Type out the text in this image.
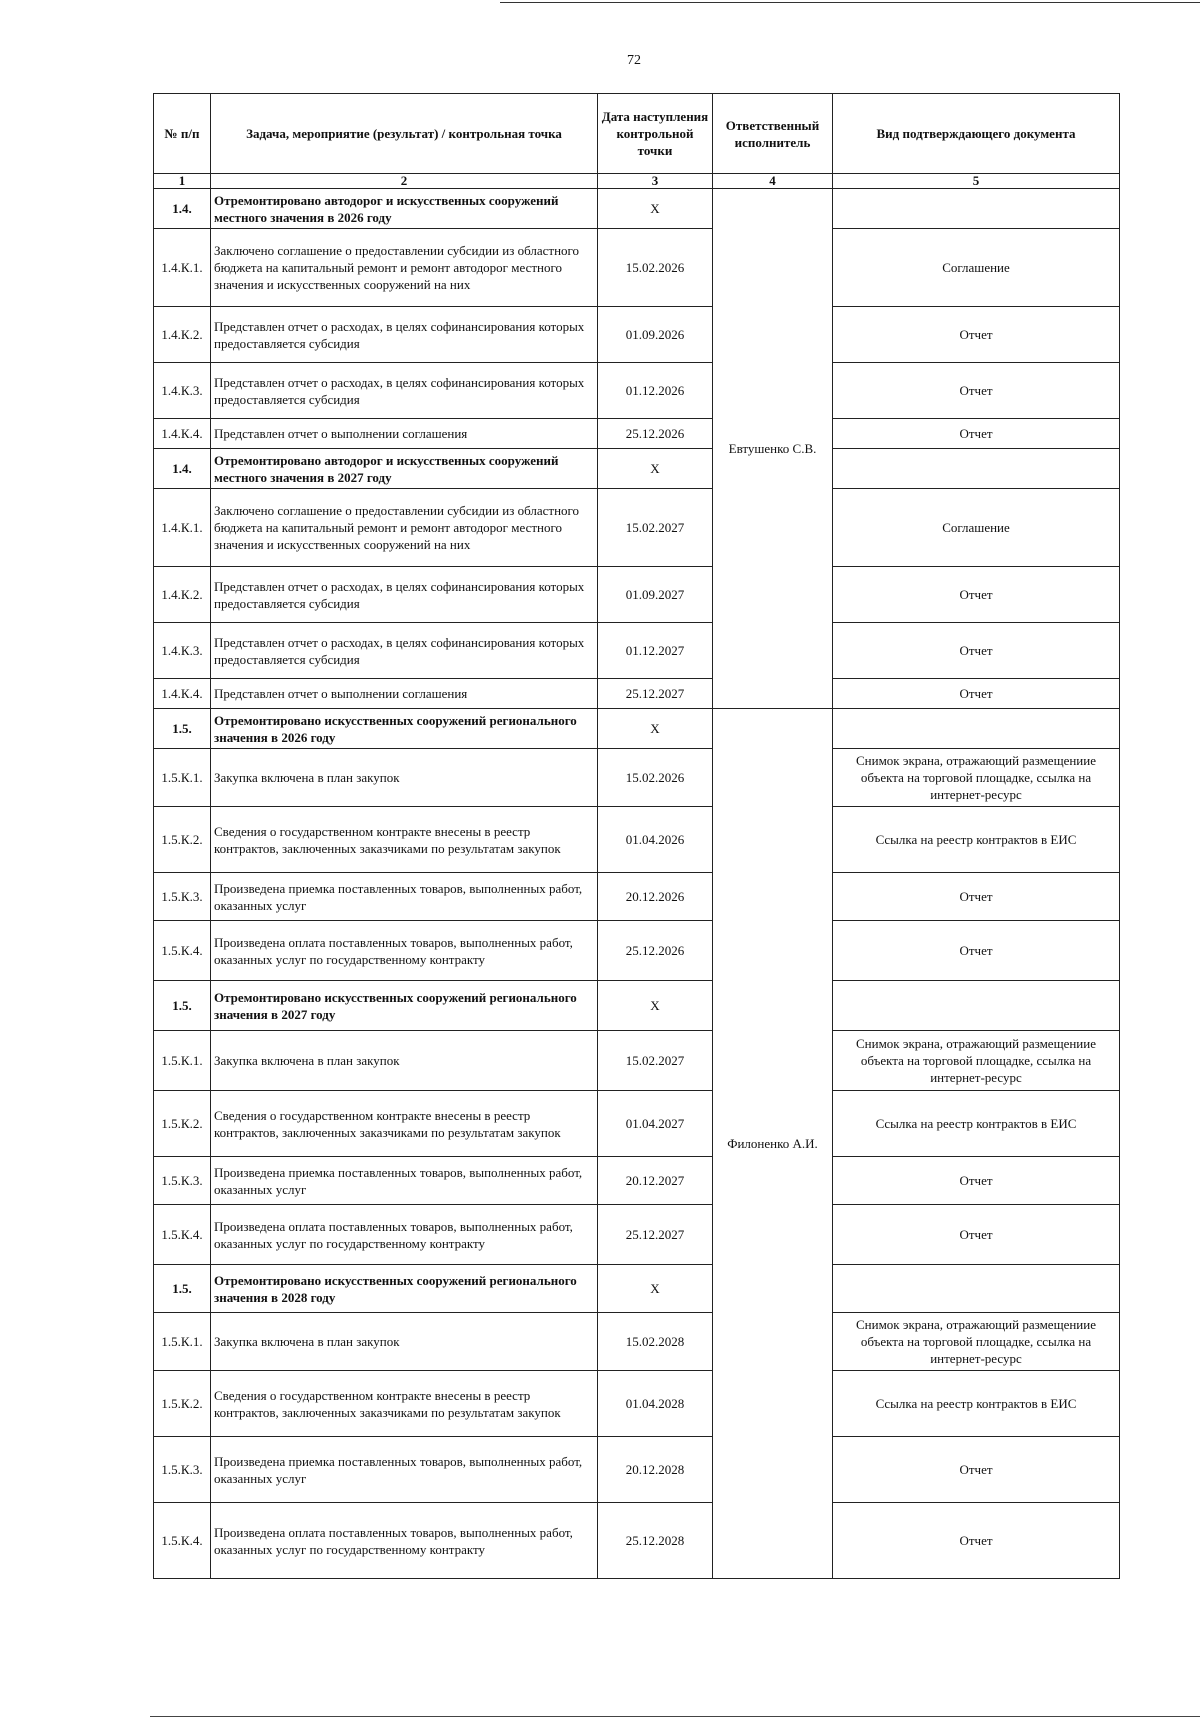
72
№ п/п	Задача, мероприятие (результат) / контрольная точка	Дата наступления контрольной точки	Ответственный исполнитель	Вид подтверждающего документа
1	2	3	4	5
1.4.	Отремонтировано автодорог и искусственных сооружений местного значения в 2026 году	X	Евтушенко С.В.	
1.4.К.1.	Заключено соглашение о предоставлении субсидии из областного бюджета на капитальный ремонт и ремонт автодорог местного значения и искусственных сооружений на них	15.02.2026		Соглашение
1.4.К.2.	Представлен отчет о расходах, в целях софинансирования которых предоставляется субсидия	01.09.2026		Отчет
1.4.К.3.	Представлен отчет о расходах, в целях софинансирования которых предоставляется субсидия	01.12.2026		Отчет
1.4.К.4.	Представлен отчет о выполнении соглашения	25.12.2026		Отчет
1.4.	Отремонтировано автодорог и искусственных сооружений местного значения в 2027 году	X		
1.4.К.1.	Заключено соглашение о предоставлении субсидии из областного бюджета на капитальный ремонт и ремонт автодорог местного значения и искусственных сооружений на них	15.02.2027		Соглашение
1.4.К.2.	Представлен отчет о расходах, в целях софинансирования которых предоставляется субсидия	01.09.2027		Отчет
1.4.К.3.	Представлен отчет о расходах, в целях софинансирования которых предоставляется субсидия	01.12.2027		Отчет
1.4.К.4.	Представлен отчет о выполнении соглашения	25.12.2027		Отчет
1.5.	Отремонтировано искусственных сооружений регионального значения в 2026 году	X	Филоненко А.И.	
1.5.К.1.	Закупка включена в план закупок	15.02.2026		Снимок экрана, отражающий размещениие объекта на торговой площадке, ссылка на интернет-ресурс
1.5.К.2.	Сведения о государственном контракте внесены в реестр контрактов, заключенных заказчиками по результатам закупок	01.04.2026		Ссылка на реестр контрактов в ЕИС
1.5.К.3.	Произведена приемка поставленных товаров, выполненных работ, оказанных услуг	20.12.2026		Отчет
1.5.К.4.	Произведена оплата поставленных товаров, выполненных работ, оказанных услуг по государственному контракту	25.12.2026		Отчет
1.5.	Отремонтировано искусственных сооружений регионального значения в 2027 году	X		
1.5.К.1.	Закупка включена в план закупок	15.02.2027		Снимок экрана, отражающий размещениие объекта на торговой площадке, ссылка на интернет-ресурс
1.5.К.2.	Сведения о государственном контракте внесены в реестр контрактов, заключенных заказчиками по результатам закупок	01.04.2027		Ссылка на реестр контрактов в ЕИС
1.5.К.3.	Произведена приемка поставленных товаров, выполненных работ, оказанных услуг	20.12.2027		Отчет
1.5.К.4.	Произведена оплата поставленных товаров, выполненных работ, оказанных услуг по государственному контракту	25.12.2027		Отчет
1.5.	Отремонтировано искусственных сооружений регионального значения в 2028 году	X		
1.5.К.1.	Закупка включена в план закупок	15.02.2028		Снимок экрана, отражающий размещениие объекта на торговой площадке, ссылка на интернет-ресурс
1.5.К.2.	Сведения о государственном контракте внесены в реестр контрактов, заключенных заказчиками по результатам закупок	01.04.2028		Ссылка на реестр контрактов в ЕИС
1.5.К.3.	Произведена приемка поставленных товаров, выполненных работ, оказанных услуг	20.12.2028		Отчет
1.5.К.4.	Произведена оплата поставленных товаров, выполненных работ, оказанных услуг по государственному контракту	25.12.2028		Отчет
